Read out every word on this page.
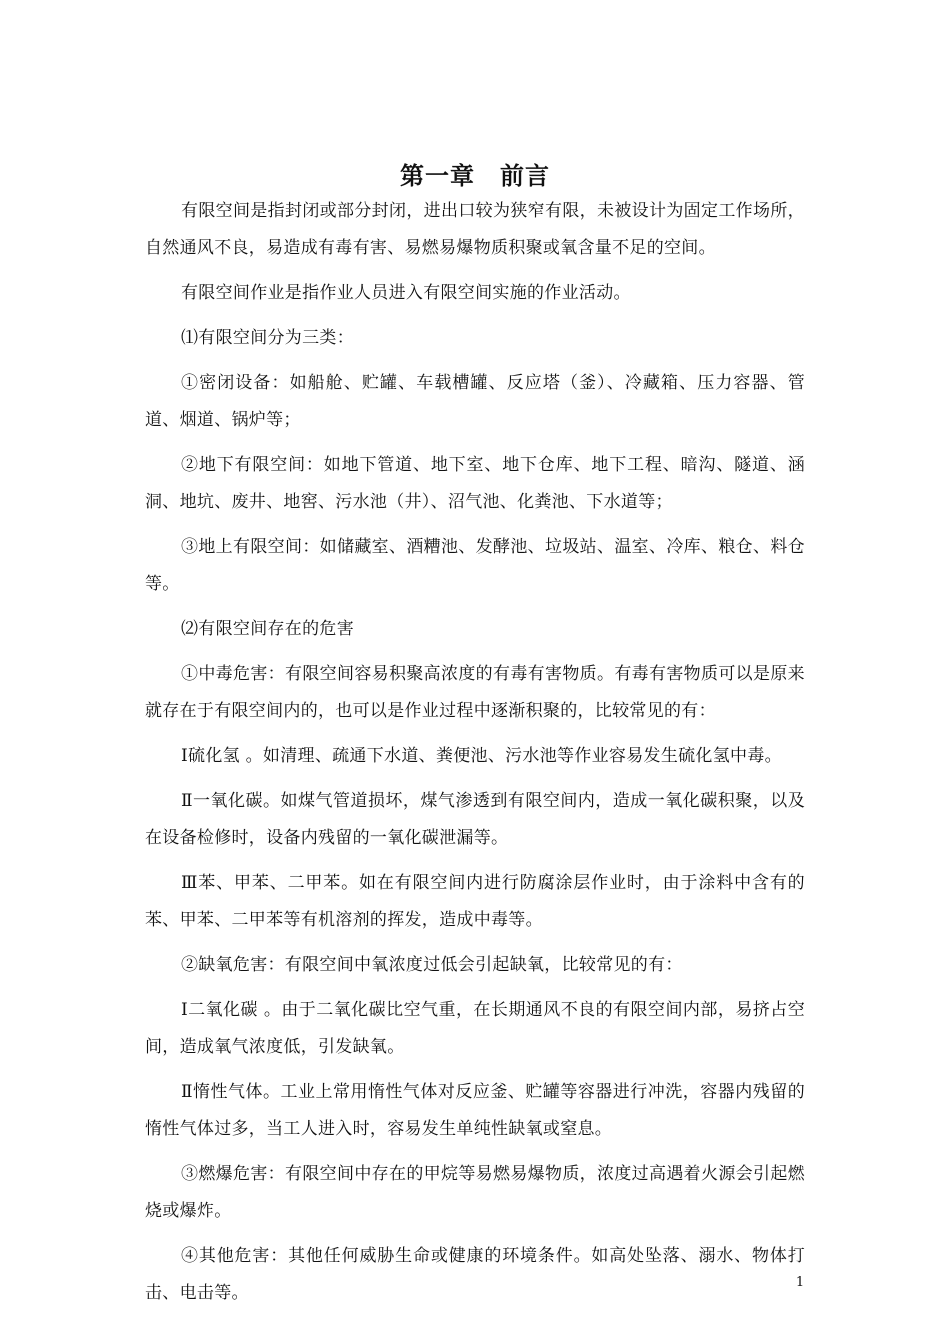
第一章　前言

有限空间是指封闭或部分封闭，进出口较为狭窄有限，未被设计为固定工作场所，自然通风不良，易造成有毒有害、易燃易爆物质积聚或氧含量不足的空间。

有限空间作业是指作业人员进入有限空间实施的作业活动。

⑴有限空间分为三类：

①密闭设备：如船舱、贮罐、车载槽罐、反应塔（釜）、冷藏箱、压力容器、管道、烟道、锅炉等；

②地下有限空间：如地下管道、地下室、地下仓库、地下工程、暗沟、隧道、涵洞、地坑、废井、地窖、污水池（井）、沼气池、化粪池、下水道等；

③地上有限空间：如储藏室、酒糟池、发酵池、垃圾站、温室、冷库、粮仓、料仓等。

⑵有限空间存在的危害

①中毒危害：有限空间容易积聚高浓度的有毒有害物质。有毒有害物质可以是原来就存在于有限空间内的，也可以是作业过程中逐渐积聚的，比较常见的有：

Ⅰ硫化氢 。如清理、疏通下水道、粪便池、污水池等作业容易发生硫化氢中毒。

Ⅱ一氧化碳。如煤气管道损坏，煤气渗透到有限空间内，造成一氧化碳积聚，以及在设备检修时，设备内残留的一氧化碳泄漏等。

Ⅲ苯、甲苯、二甲苯。如在有限空间内进行防腐涂层作业时，由于涂料中含有的苯、甲苯、二甲苯等有机溶剂的挥发，造成中毒等。

②缺氧危害：有限空间中氧浓度过低会引起缺氧，比较常见的有：

Ⅰ二氧化碳 。由于二氧化碳比空气重，在长期通风不良的有限空间内部，易挤占空间，造成氧气浓度低，引发缺氧。

Ⅱ惰性气体。工业上常用惰性气体对反应釜、贮罐等容器进行冲洗，容器内残留的惰性气体过多，当工人进入时，容易发生单纯性缺氧或窒息。

③燃爆危害：有限空间中存在的甲烷等易燃易爆物质，浓度过高遇着火源会引起燃烧或爆炸。

④其他危害：其他任何威胁生命或健康的环境条件。如高处坠落、溺水、物体打击、电击等。

1
